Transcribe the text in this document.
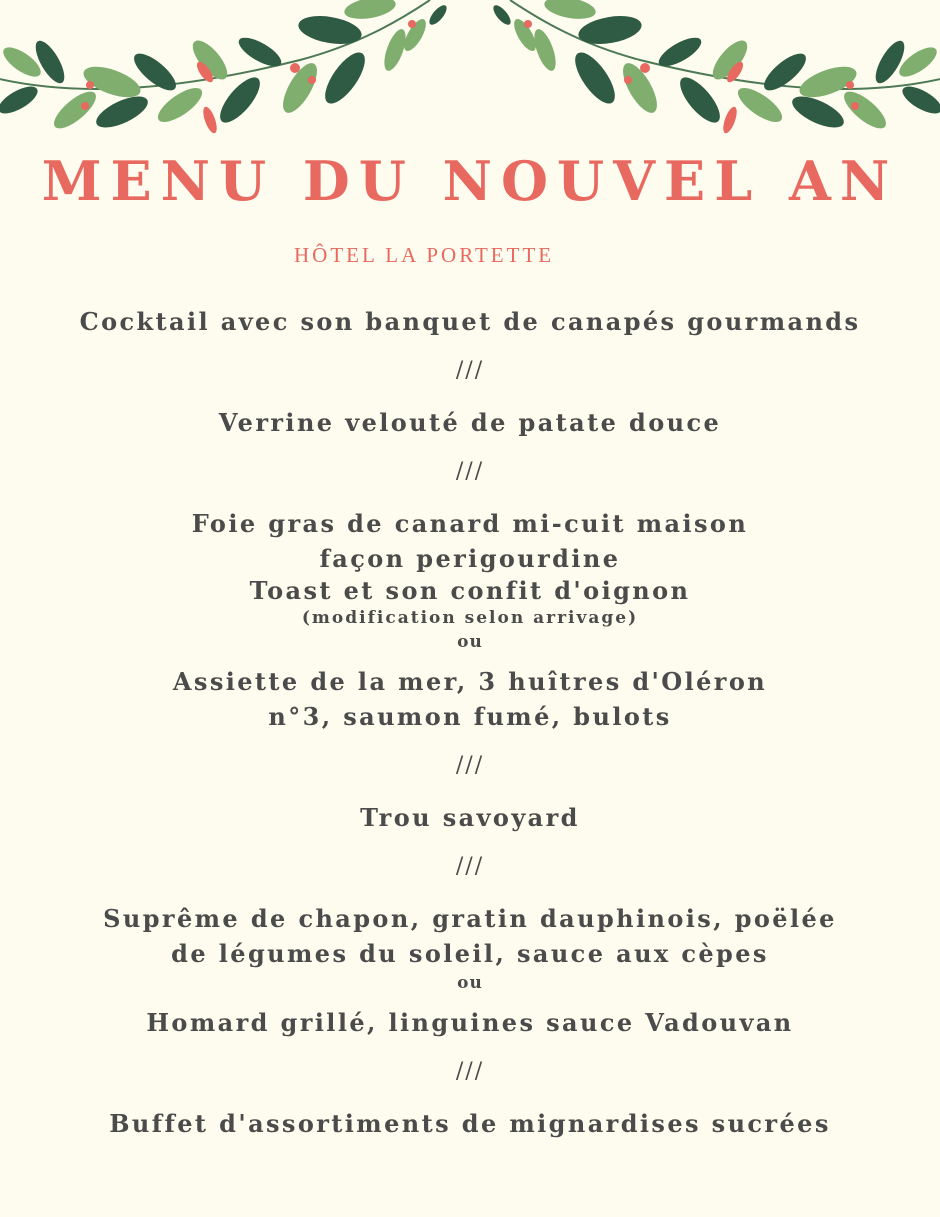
MENU DU NOUVEL AN
HÔTEL LA PORTETTE

Cocktail avec son banquet de canapés gourmands

///

Verrine velouté de patate douce

///

Foie gras de canard mi-cuit maison façon perigourdine

Toast et son confit d'oignon

(modification selon arrivage)

ou

Assiette de la mer, 3 huîtres d'Oléron n°3, saumon fumé, bulots

///

Trou savoyard

///

Suprême de chapon, gratin dauphinois, poëlée de légumes du soleil, sauce aux cèpes

ou

Homard grillé, linguines sauce Vadouvan

///

Buffet d'assortiments de mignardises sucrées
